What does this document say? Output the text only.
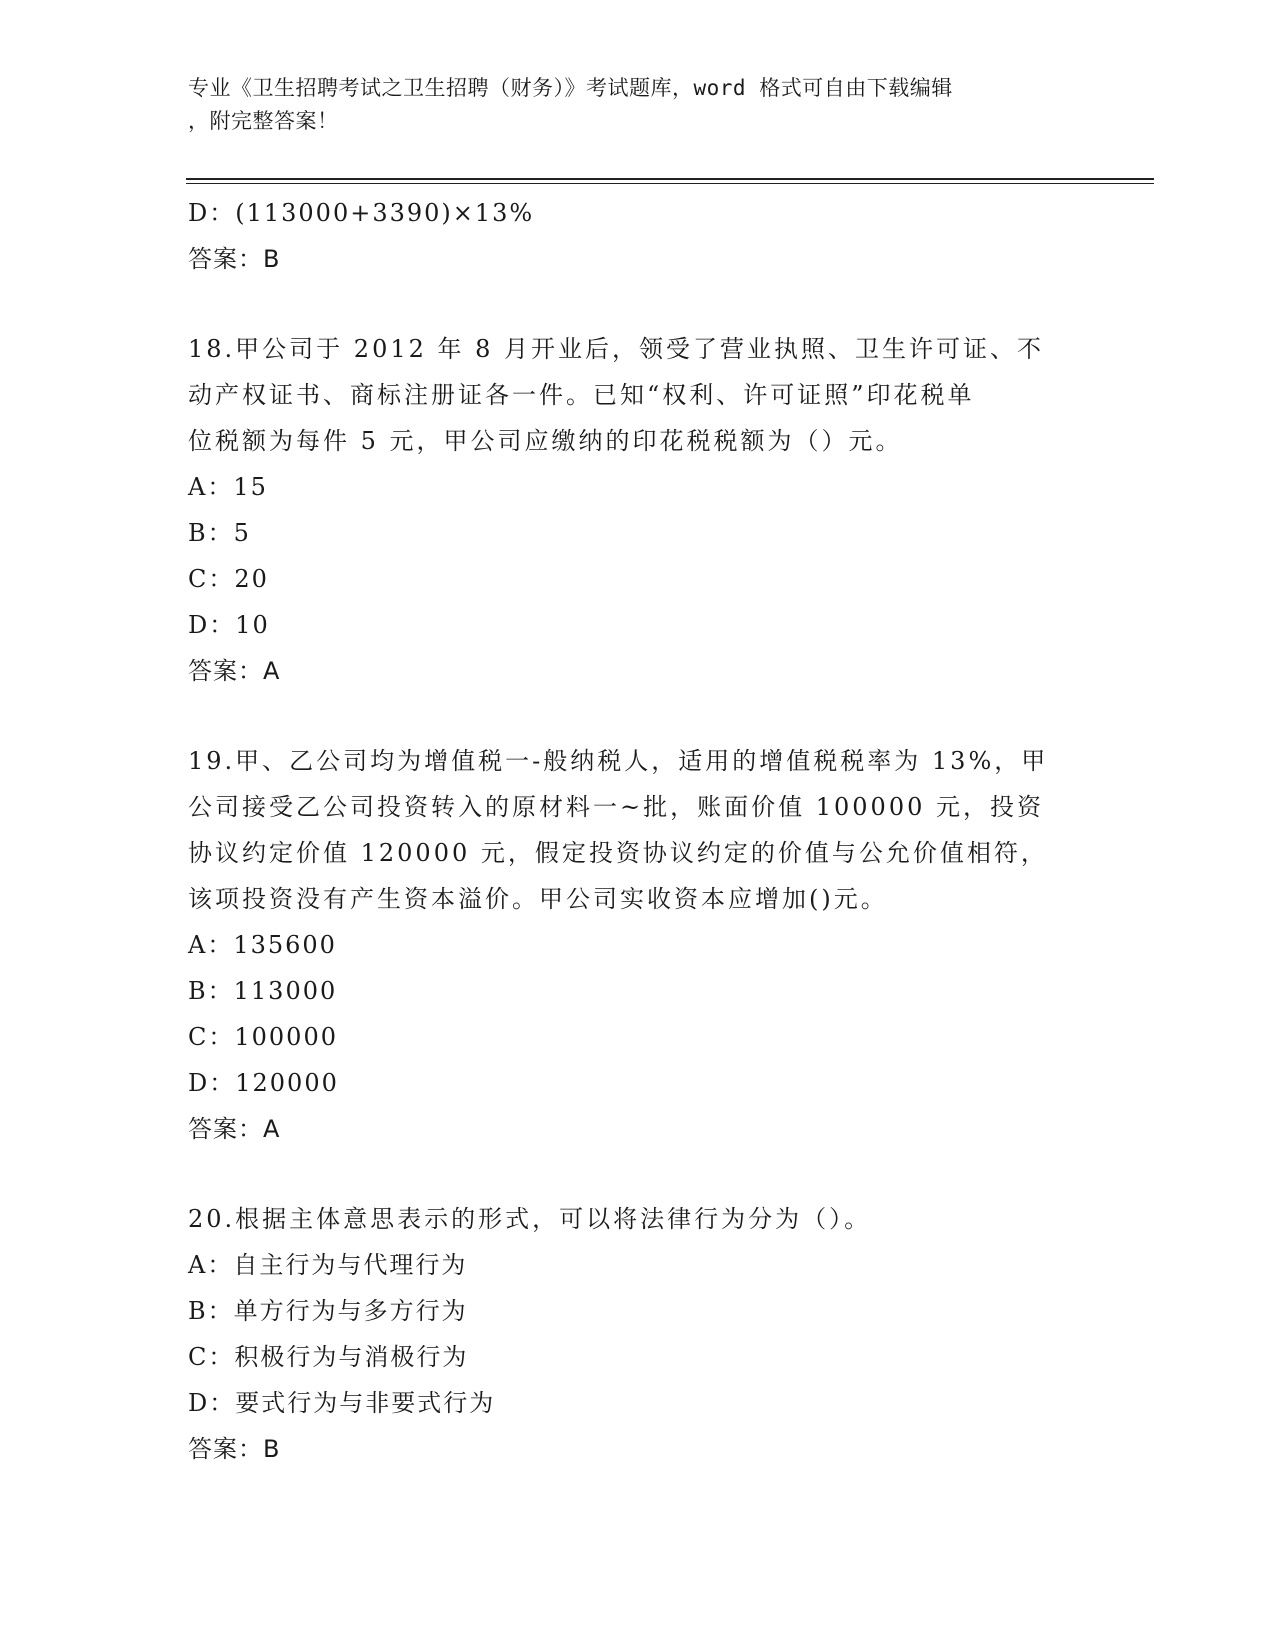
专业《卫生招聘考试之卫生招聘（财务）》考试题库，word 格式可自由下载编辑
，附完整答案！
D：(113000+3390)×13%
答案：B
18.甲公司于 2012 年 8 月开业后，领受了营业执照、卫生许可证、不
动产权证书、商标注册证各一件。已知“权利、许可证照”印花税单
位税额为每件 5 元，甲公司应缴纳的印花税税额为（）元。
A：15
B：5
C：20
D：10
答案：A
19.甲、乙公司均为增值税一-般纳税人，适用的增值税税率为 13%，甲
公司接受乙公司投资转入的原材料一~批，账面价值 100000 元，投资
协议约定价值 120000 元，假定投资协议约定的价值与公允价值相符，
该项投资没有产生资本溢价。甲公司实收资本应增加()元。
A：135600
B：113000
C：100000
D：120000
答案：A
20.根据主体意思表示的形式，可以将法律行为分为（）。
A：自主行为与代理行为
B：单方行为与多方行为
C：积极行为与消极行为
D：要式行为与非要式行为
答案：B
